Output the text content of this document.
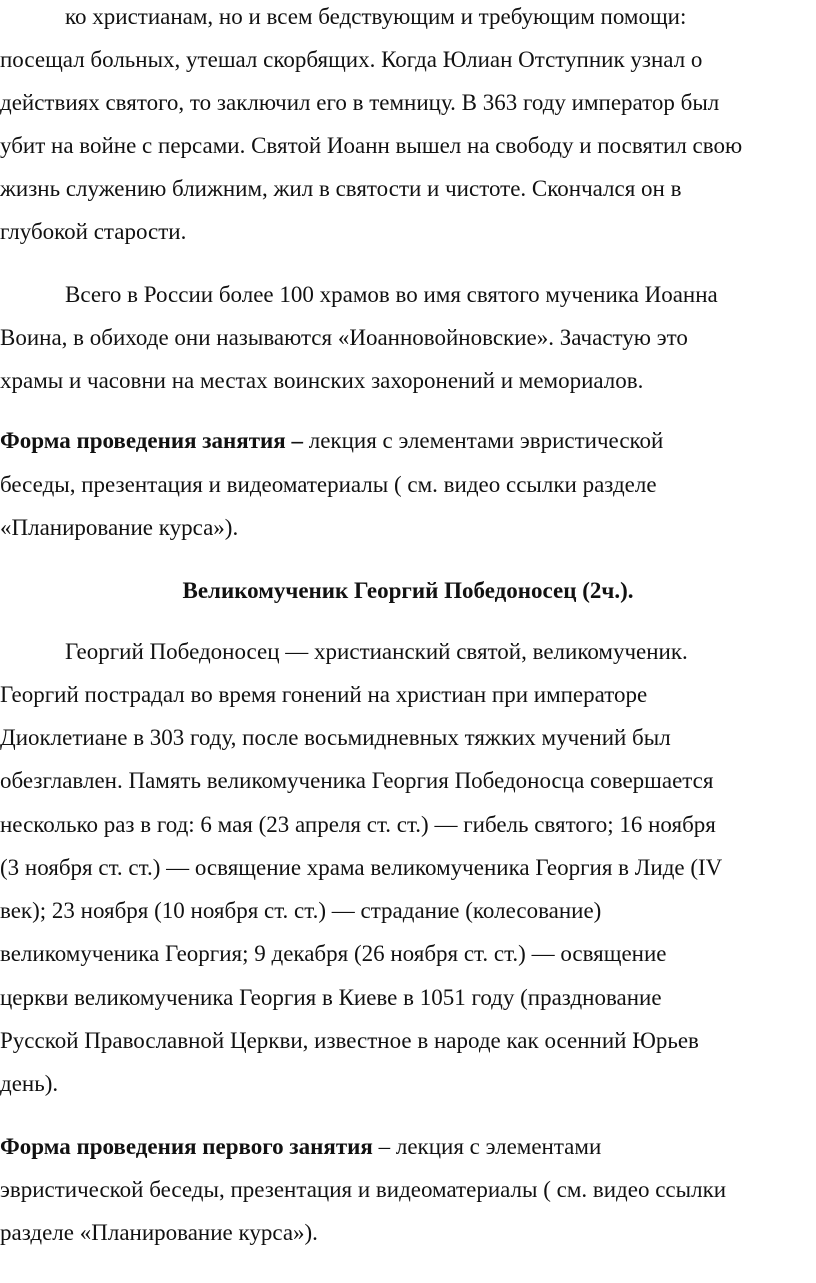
ко христианам, но и всем бедствующим и требующим помощи:
посещал больных, утешал скорбящих. Когда Юлиан Отступник узнал о
действиях святого, то заключил его в темницу. В 363 году император был
убит на войне с персами. Святой Иоанн вышел на свободу и посвятил свою
жизнь служению ближним, жил в святости и чистоте. Скончался он в
глубокой старости.
Всего в России более 100 храмов во имя святого мученика Иоанна
Воина, в обиходе они называются «Иоанновойновские». Зачастую это
храмы и часовни на местах воинских захоронений и мемориалов.
Форма проведения занятия – лекция с элементами эвристической
беседы, презентация и видеоматериалы ( см. видео ссылки разделе
«Планирование курса»).
Великомученик Георгий Победоносец (2ч.).
Георгий Победоносец — христианский святой, великомученик.
Георгий пострадал во время гонений на христиан при императоре
Диоклетиане в 303 году, после восьмидневных тяжких мучений был
обезглавлен. Память великомученика Георгия Победоносца совершается
несколько раз в год: 6 мая (23 апреля ст. ст.) — гибель святого; 16 ноября
(3 ноября ст. ст.) — освящение храма великомученика Георгия в Лиде (IV
век); 23 ноября (10 ноября ст. ст.) — страдание (колесование)
великомученика Георгия; 9 декабря (26 ноября ст. ст.) — освящение
церкви великомученика Георгия в Киеве в 1051 году (празднование
Русской Православной Церкви, известное в народе как осенний Юрьев
день).
Форма проведения первого занятия – лекция с элементами
эвристической беседы, презентация и видеоматериалы ( см. видео ссылки
разделе «Планирование курса»).
